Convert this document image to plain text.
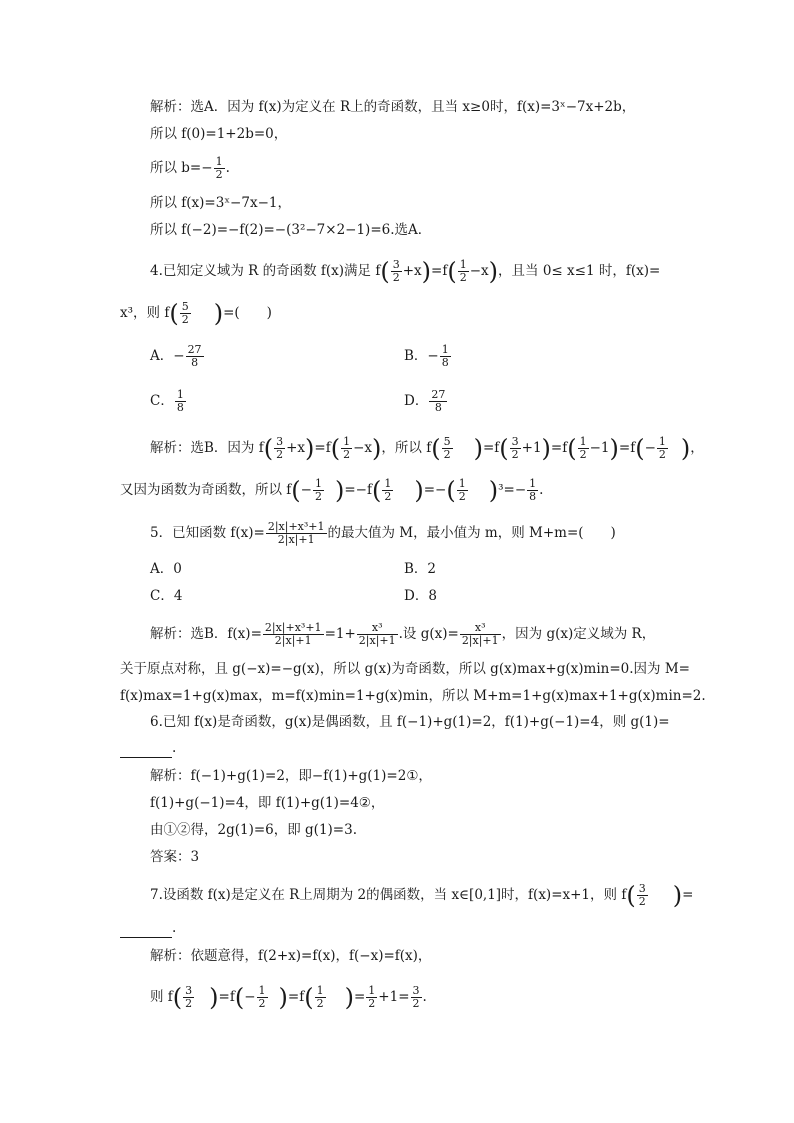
解析：选A．因为 f(x)为定义在 R上的奇函数，且当 x≥0时，f(x)=3ˣ−7x+2b，
所以 f(0)=1+2b=0，
所以 $b=- \frac{1}{2}$ .
所以 f(x)=3ˣ−7x−1，
所以 f(−2)=−f(2)=−(3²−7×2−1)=6.选A．
4.已知定义域为 R 的奇函数 f(x)满足 $f( \frac{3}{2} +x)=f( \frac{1}{2} -x)$，且当 0≤ x≤1 时，f(x)=
x³，则 $f( \frac{5}{2}$ )=(　　)
A．− $\frac{27}{8}$	B．− $\frac{1}{8}$
C． $\frac{1}{8}$	D． $\frac{27}{8}$
解析：选B．因为 $f( \frac{3}{2} +x)=f( \frac{1}{2} -x)$，所以 $f( \frac{5}{2} )=f( \frac{3}{2} +1)=f( \frac{1}{2} -1)=f(- \frac{1}{2}$ )，
又因为函数为奇函数，所以 $f(- \frac{1}{2} )=-f( \frac{1}{2}$ )=−( $\frac{1}{2} )^3=- \frac{1}{8}$ .
5．已知函数 $f(x)= \frac{\text{2|x|+x³+1}}{2|x|+1}$ 的最大值为 M，最小值为 m，则 M+m=(　　)
A．0	B．2
C．4	D．8
解析：选B．$f(x)= \frac{\text{2|x|+x³+1}}{2|x|+1} =1+ \frac{\text{x³}}{2|x|+1}$ .设 $g(x)= \frac{\text{x³}}{2|x|+1}$ ，因为 g(x)定义域为 R，
关于原点对称，且 g(−x)=−g(x)，所以 g(x)为奇函数，所以 g(x)max+g(x)min=0.因为 M=
f(x)max=1+g(x)max，m=f(x)min=1+g(x)min，所以 M+m=1+g(x)max+1+g(x)min=2.
6.已知 f(x)是奇函数，g(x)是偶函数，且 f(−1)+g(1)=2，f(1)+g(−1)=4，则 g(1)=
.
解析：f(−1)+g(1)=2，即−f(1)+g(1)=2①，
f(1)+g(−1)=4，即 f(1)+g(1)=4②，
由①②得，2g(1)=6，即 g(1)=3.
答案：3
7.设函数 f(x)是定义在 R上周期为 2的偶函数，当 x∈[0,1]时，f(x)=x+1，则 $f( \frac{3}{2}$ )=
.
解析：依题意得，f(2+x)=f(x)，f(−x)=f(x)，
则 $f( \frac{3}{2} )=f(- \frac{1}{2} )=f( \frac{1}{2}$ )= $\frac{1}{2} +1= \frac{3}{2}$ .
